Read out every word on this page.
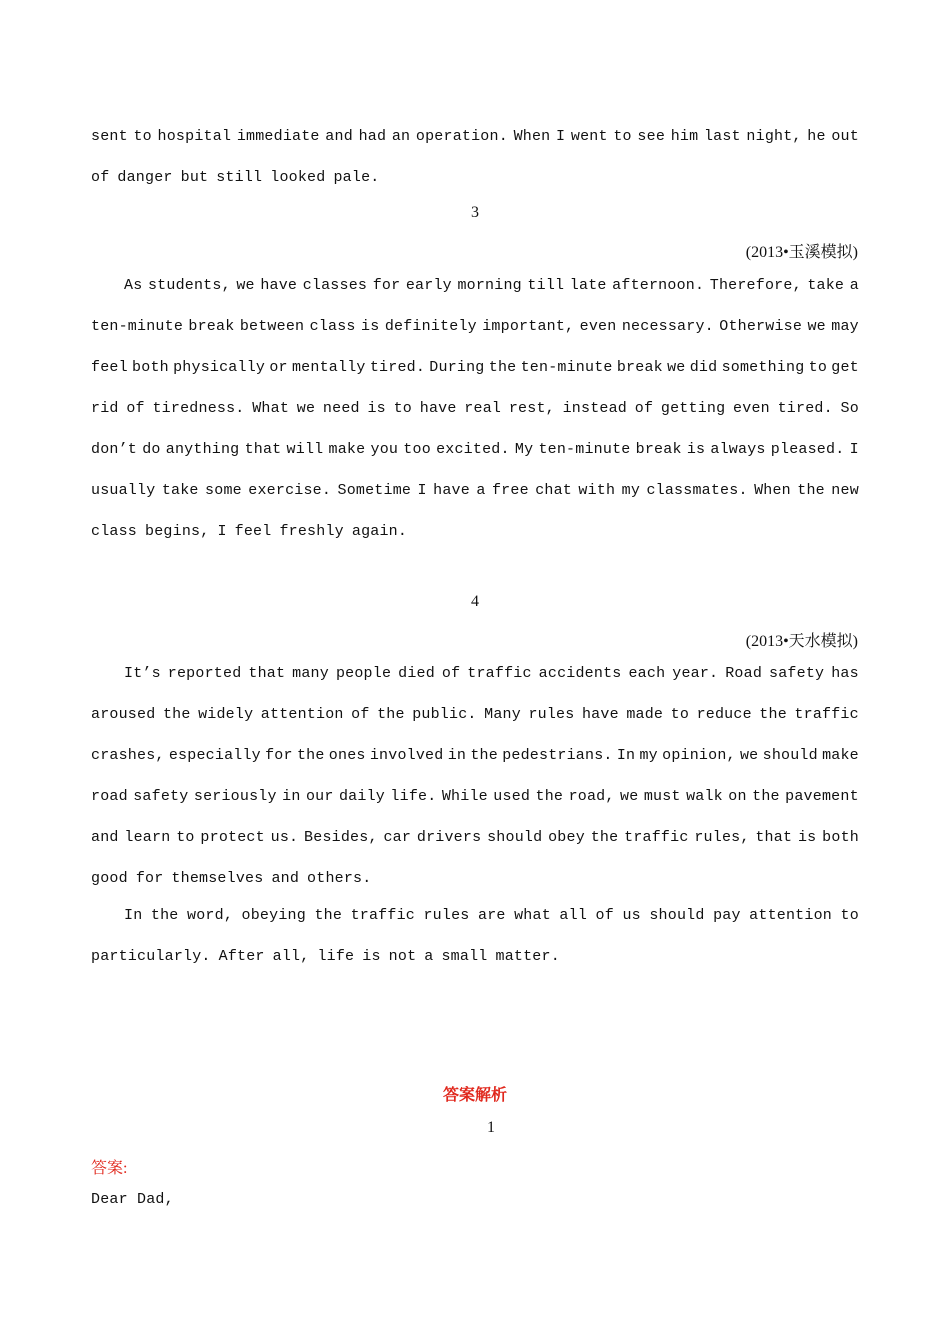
sent to hospital immediate and had an operation. When I went to see him last night, he out
of danger but still looked pale.
3
(2013•玉溪模拟)
As students, we have classes for early morning till late afternoon. Therefore, take a
ten-minute break between class is definitely important, even necessary. Otherwise we may
feel both physically or mentally tired. During the ten-minute break we did something to get
rid of tiredness. What we need is to have real rest, instead of getting even tired. So
don’t do anything that will make you too excited. My ten-minute break is always pleased. I
usually take some exercise. Sometime I have a free chat with my classmates. When the new
class begins, I feel freshly again.
4
(2013•天水模拟)
It’s reported that many people died of traffic accidents each year. Road safety has
aroused the widely attention of the public. Many rules have made to reduce the traffic
crashes, especially for the ones involved in the pedestrians. In my opinion, we should make
road safety seriously in our daily life. While used the road, we must walk on the pavement
and learn to protect us. Besides, car drivers should obey the traffic rules, that is both
good for themselves and others.
In the word, obeying the traffic rules are what all of us should pay attention to
particularly. After all, life is not a small matter.
答案解析
1
答案:
Dear Dad,
